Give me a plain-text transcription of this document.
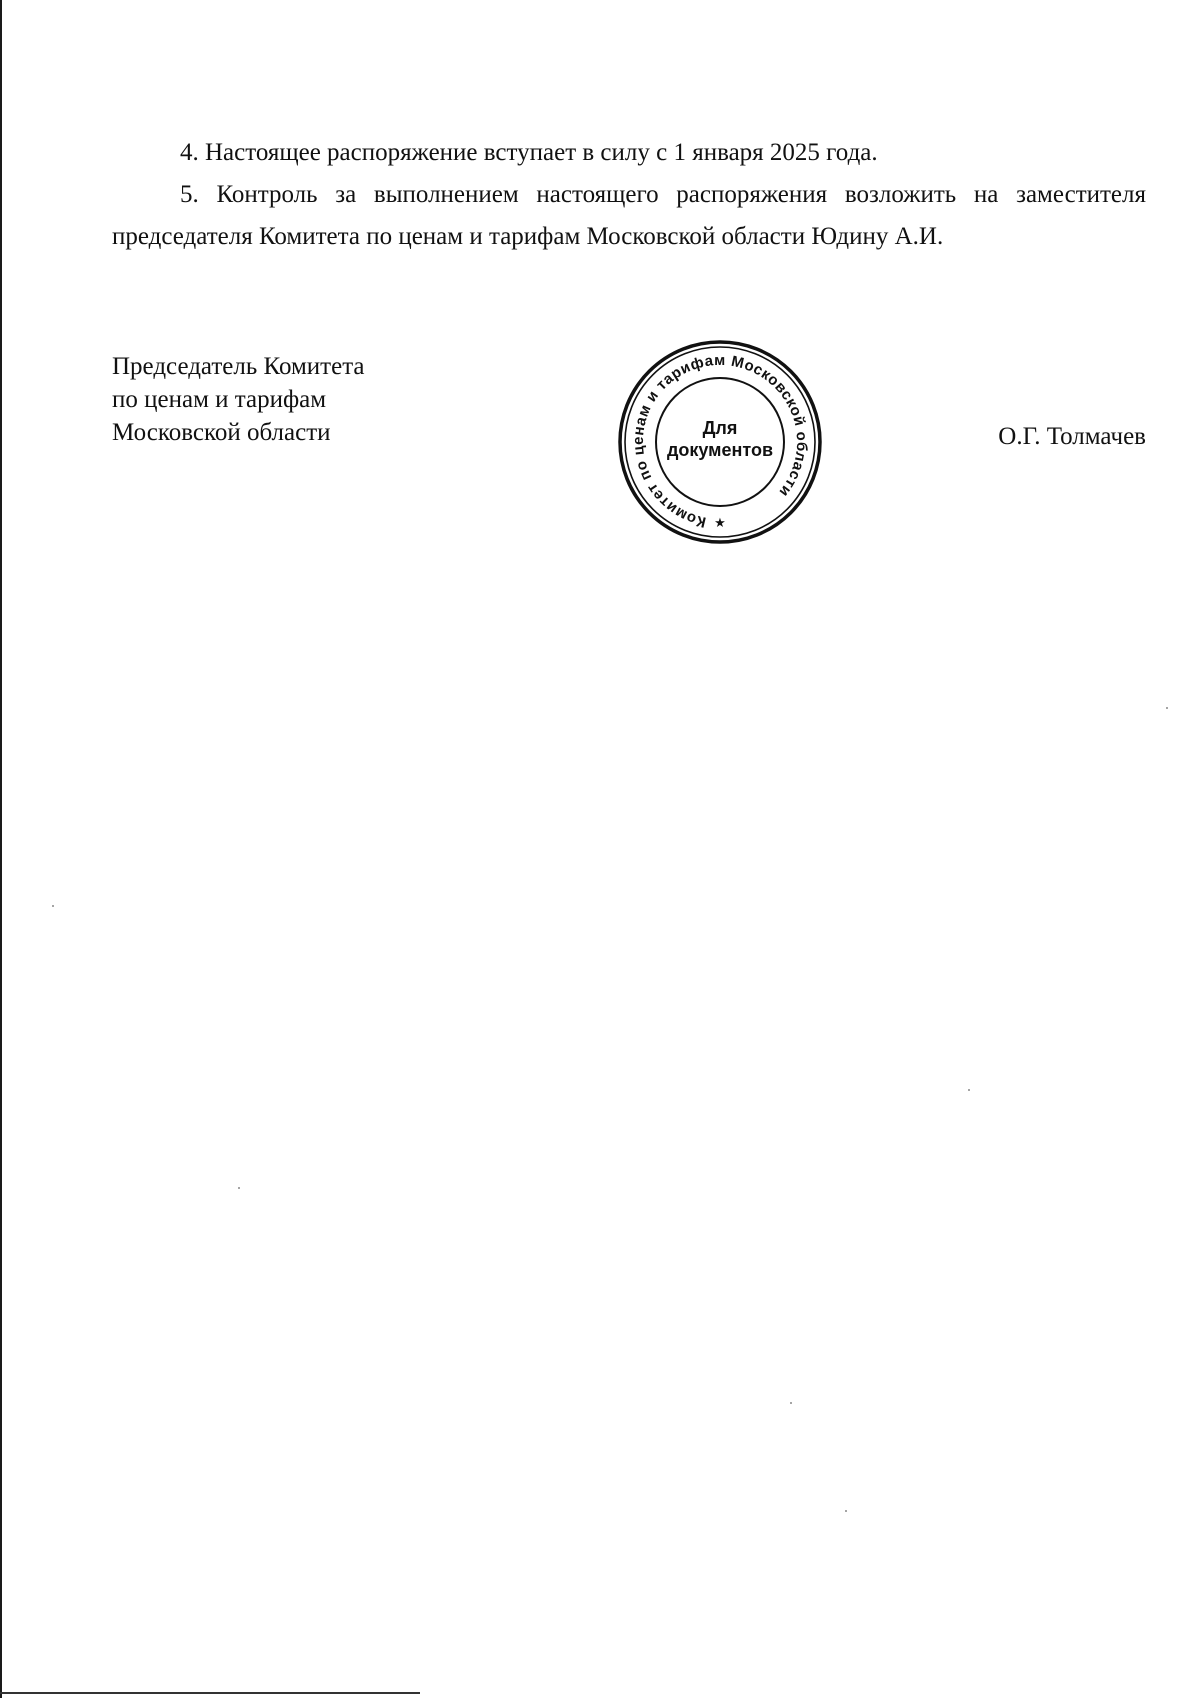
4. Настоящее распоряжение вступает в силу с 1 января 2025 года.

5. Контроль за выполнением настоящего распоряжения возложить на заместителя председателя Комитета по ценам и тарифам Московской области Юдину А.И.

Председатель Комитета
по ценам и тарифам
Московской области
Комитет по ценам и тарифам Московской области
★
Для
документов	О.Г. Толмачев
